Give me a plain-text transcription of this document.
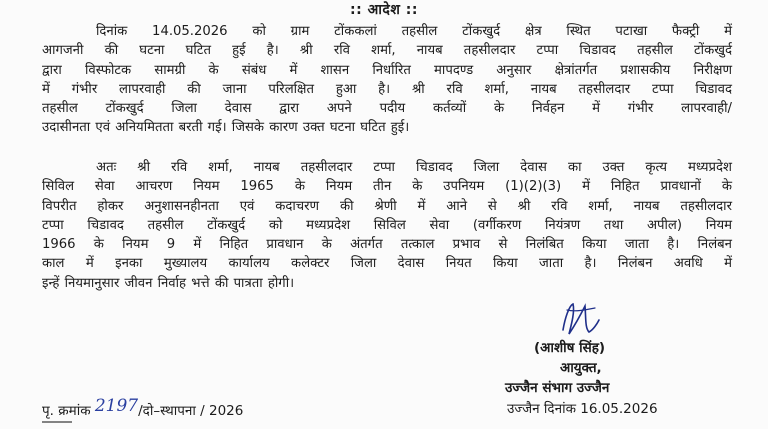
:: आदेश ::
दिनांक 14.05.2026 को ग्राम टोंककलां तहसील टोंकखुर्द क्षेत्र स्थित पटाखा फैक्ट्री में
आगजनी की घटना घटित हुई है। श्री रवि शर्मा, नायब तहसीलदार टप्पा चिडावद तहसील टोंकखुर्द
द्वारा विस्फोटक सामग्री के संबंध में शासन निर्धारित मापदण्ड अनुसार क्षेत्रांतर्गत प्रशासकीय निरीक्षण
में गंभीर लापरवाही की जाना परिलक्षित हुआ है। श्री रवि शर्मा, नायब तहसीलदार टप्पा चिडावद
तहसील टोंकखुर्द जिला देवास द्वारा अपने पदीय कर्तव्यों के निर्वहन में गंभीर लापरवाही/
उदासीनता एवं अनियमितता बरती गई। जिसके कारण उक्त घटना घटित हुई।
अतः श्री रवि शर्मा, नायब तहसीलदार टप्पा चिडावद जिला देवास का उक्त कृत्य मध्यप्रदेश
सिविल सेवा आचरण नियम 1965 के नियम तीन के उपनियम (1)(2)(3) में निहित प्रावधानों के
विपरीत होकर अनुशासनहीनता एवं कदाचरण की श्रेणी में आने से श्री रवि शर्मा, नायब तहसीलदार
टप्पा चिडावद तहसील टोंकखुर्द को मध्यप्रदेश सिविल सेवा (वर्गीकरण नियंत्रण तथा अपील) नियम
1966 के नियम 9 में निहित प्रावधान के अंतर्गत तत्काल प्रभाव से निलंबित किया जाता है। निलंबन
काल में इनका मुख्यालय कार्यालय कलेक्टर जिला देवास नियत किया जाता है। निलंबन अवधि में
इन्हें नियमानुसार जीवन निर्वाह भत्ते की पात्रता होगी।
(आशीष सिंह)
आयुक्त,
उज्जैन संभाग उज्जैन
उज्जैन दिनांक 16.05.2026
पृ. क्रमांक 2197/दो–स्थापना / 2026
